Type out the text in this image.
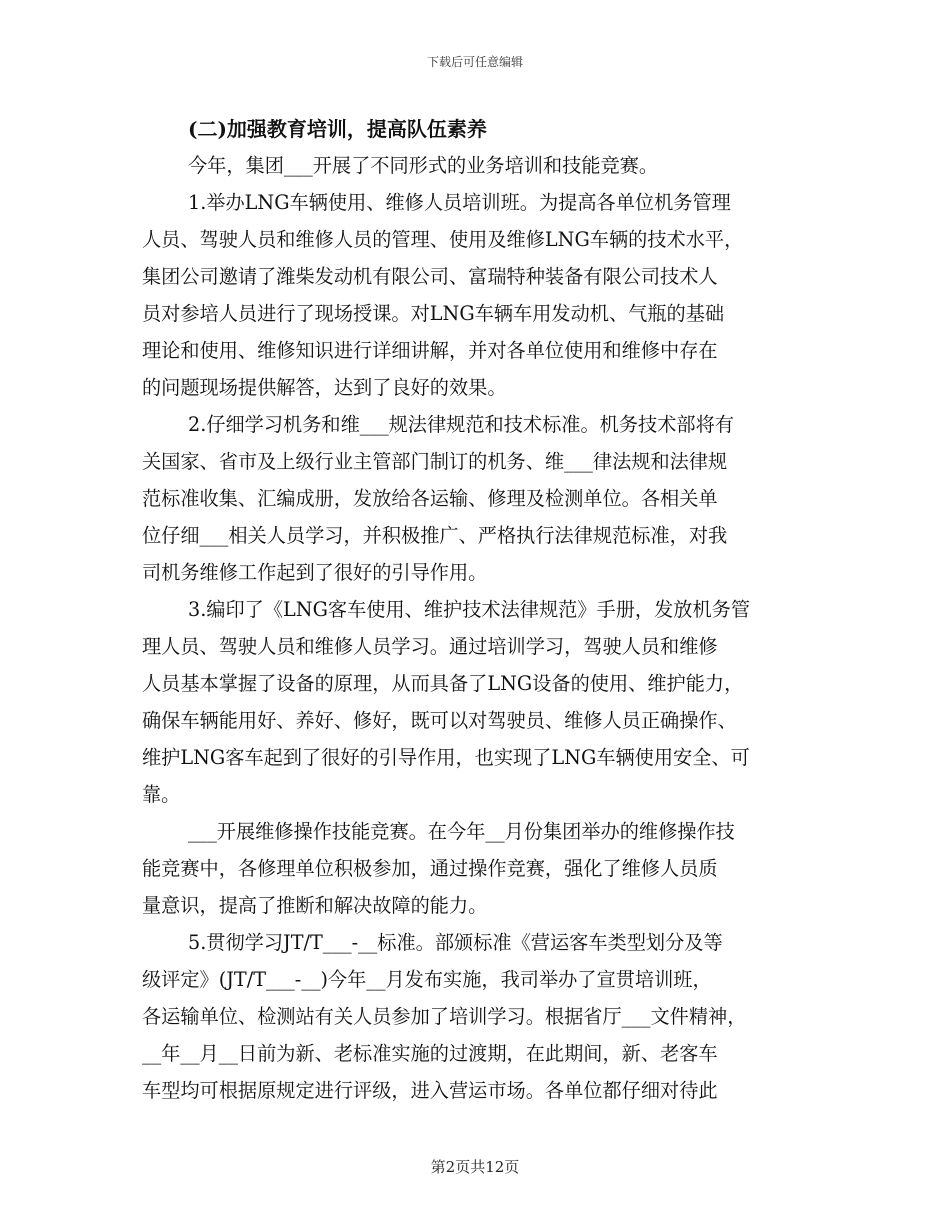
下载后可任意编辑
(二)加强教育培训，提高队伍素养

今年，集团___开展了不同形式的业务培训和技能竞赛。

1.举办LNG车辆使用、维修人员培训班。为提高各单位机务管理
人员、驾驶人员和维修人员的管理、使用及维修LNG车辆的技术水平，
集团公司邀请了潍柴发动机有限公司、富瑞特种装备有限公司技术人
员对参培人员进行了现场授课。对LNG车辆车用发动机、气瓶的基础
理论和使用、维修知识进行详细讲解，并对各单位使用和维修中存在
的问题现场提供解答，达到了良好的效果。

2.仔细学习机务和维___规法律规范和技术标准。机务技术部将有
关国家、省市及上级行业主管部门制订的机务、维___律法规和法律规
范标准收集、汇编成册，发放给各运输、修理及检测单位。各相关单
位仔细___相关人员学习，并积极推广、严格执行法律规范标准，对我
司机务维修工作起到了很好的引导作用。

3.编印了《LNG客车使用、维护技术法律规范》手册，发放机务管
理人员、驾驶人员和维修人员学习。通过培训学习，驾驶人员和维修
人员基本掌握了设备的原理，从而具备了LNG设备的使用、维护能力，
确保车辆能用好、养好、修好，既可以对驾驶员、维修人员正确操作、
维护LNG客车起到了很好的引导作用，也实现了LNG车辆使用安全、可
靠。

___开展维修操作技能竞赛。在今年__月份集团举办的维修操作技
能竞赛中，各修理单位积极参加，通过操作竞赛，强化了维修人员质
量意识，提高了推断和解决故障的能力。

5.贯彻学习JT/T___-__标准。部颁标准《营运客车类型划分及等
级评定》(JT/T___-__)今年__月发布实施，我司举办了宣贯培训班，
各运输单位、检测站有关人员参加了培训学习。根据省厅___文件精神，
__年__月__日前为新、老标准实施的过渡期，在此期间，新、老客车
车型均可根据原规定进行评级，进入营运市场。各单位都仔细对待此

第2页共12页
